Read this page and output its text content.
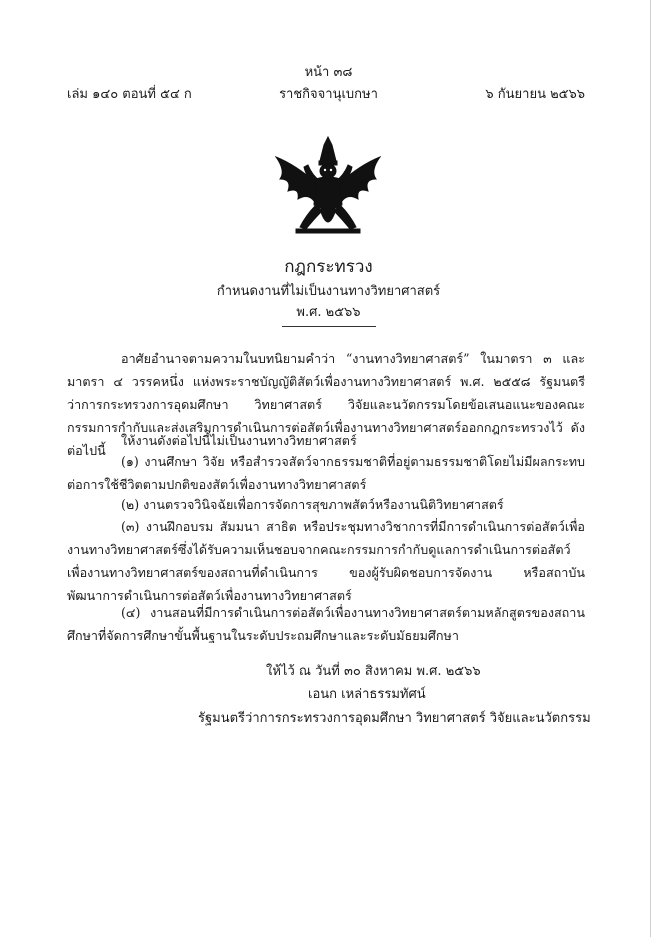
หน้า ๓๘
เล่ม ๑๔๐ ตอนที่ ๕๔ ก	ราชกิจจานุเบกษา	๖ กันยายน ๒๕๖๖
กฎกระทรวง
กำหนดงานที่ไม่เป็นงานทางวิทยาศาสตร์
พ.ศ. ๒๕๖๖
อาศัยอำนาจตามความในบทนิยามคำว่า “งานทางวิทยาศาสตร์” ในมาตรา ๓ และมาตรา ๔ วรรคหนึ่ง แห่งพระราชบัญญัติสัตว์เพื่องานทางวิทยาศาสตร์ พ.ศ. ๒๕๕๘ รัฐมนตรีว่าการกระทรวงการอุดมศึกษา วิทยาศาสตร์ วิจัยและนวัตกรรมโดยข้อเสนอแนะของคณะกรรมการกำกับและส่งเสริมการดำเนินการต่อสัตว์เพื่องานทางวิทยาศาสตร์ออกกฎกระทรวงไว้ ดังต่อไปนี้
ให้งานดังต่อไปนี้ไม่เป็นงานทางวิทยาศาสตร์
(๑) งานศึกษา วิจัย หรือสำรวจสัตว์จากธรรมชาติที่อยู่ตามธรรมชาติโดยไม่มีผลกระทบต่อการใช้ชีวิตตามปกติของสัตว์เพื่องานทางวิทยาศาสตร์
(๒) งานตรวจวินิจฉัยเพื่อการจัดการสุขภาพสัตว์หรืองานนิติวิทยาศาสตร์
(๓) งานฝึกอบรม สัมมนา สาธิต หรือประชุมทางวิชาการที่มีการดำเนินการต่อสัตว์เพื่องานทางวิทยาศาสตร์ซึ่งได้รับความเห็นชอบจากคณะกรรมการกำกับดูแลการดำเนินการต่อสัตว์เพื่องานทางวิทยาศาสตร์ของสถานที่ดำเนินการ ของผู้รับผิดชอบการจัดงาน หรือสถาบันพัฒนาการดำเนินการต่อสัตว์เพื่องานทางวิทยาศาสตร์
(๔) งานสอนที่มีการดำเนินการต่อสัตว์เพื่องานทางวิทยาศาสตร์ตามหลักสูตรของสถานศึกษาที่จัดการศึกษาขั้นพื้นฐานในระดับประถมศึกษาและระดับมัธยมศึกษา
ให้ไว้ ณ วันที่ ๓๐ สิงหาคม พ.ศ. ๒๕๖๖
เอนก เหล่าธรรมทัศน์
รัฐมนตรีว่าการกระทรวงการอุดมศึกษา วิทยาศาสตร์ วิจัยและนวัตกรรม
